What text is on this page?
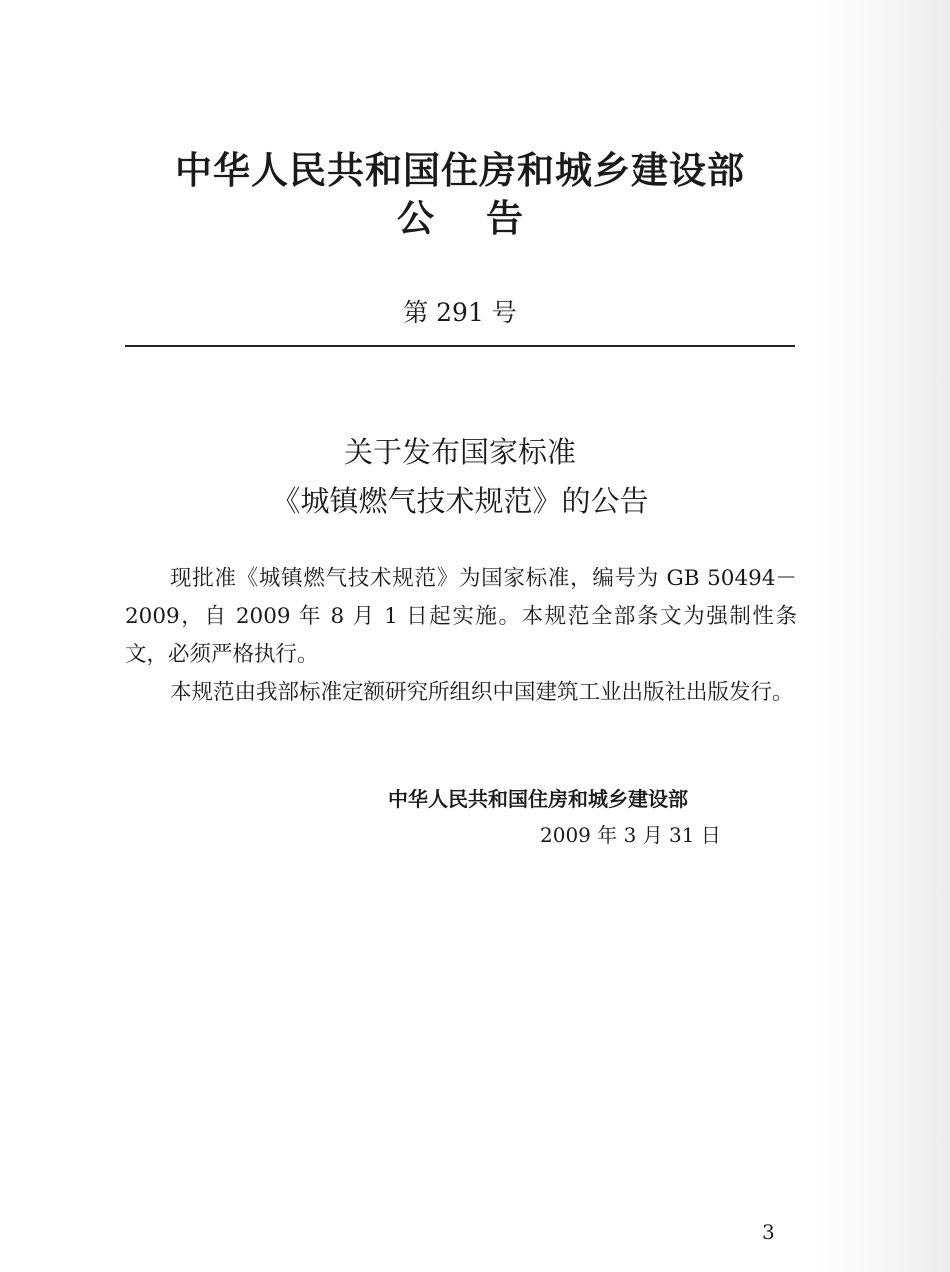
中华人民共和国住房和城乡建设部
公告
第 291 号
关于发布国家标准
《城镇燃气技术规范》的公告

现批准《城镇燃气技术规范》为国家标准，编号为 GB 50494－2009，自 2009 年 8 月 1 日起实施。本规范全部条文为强制性条文，必须严格执行。

本规范由我部标准定额研究所组织中国建筑工业出版社出版发行。

中华人民共和国住房和城乡建设部
2009 年 3 月 31 日
3
